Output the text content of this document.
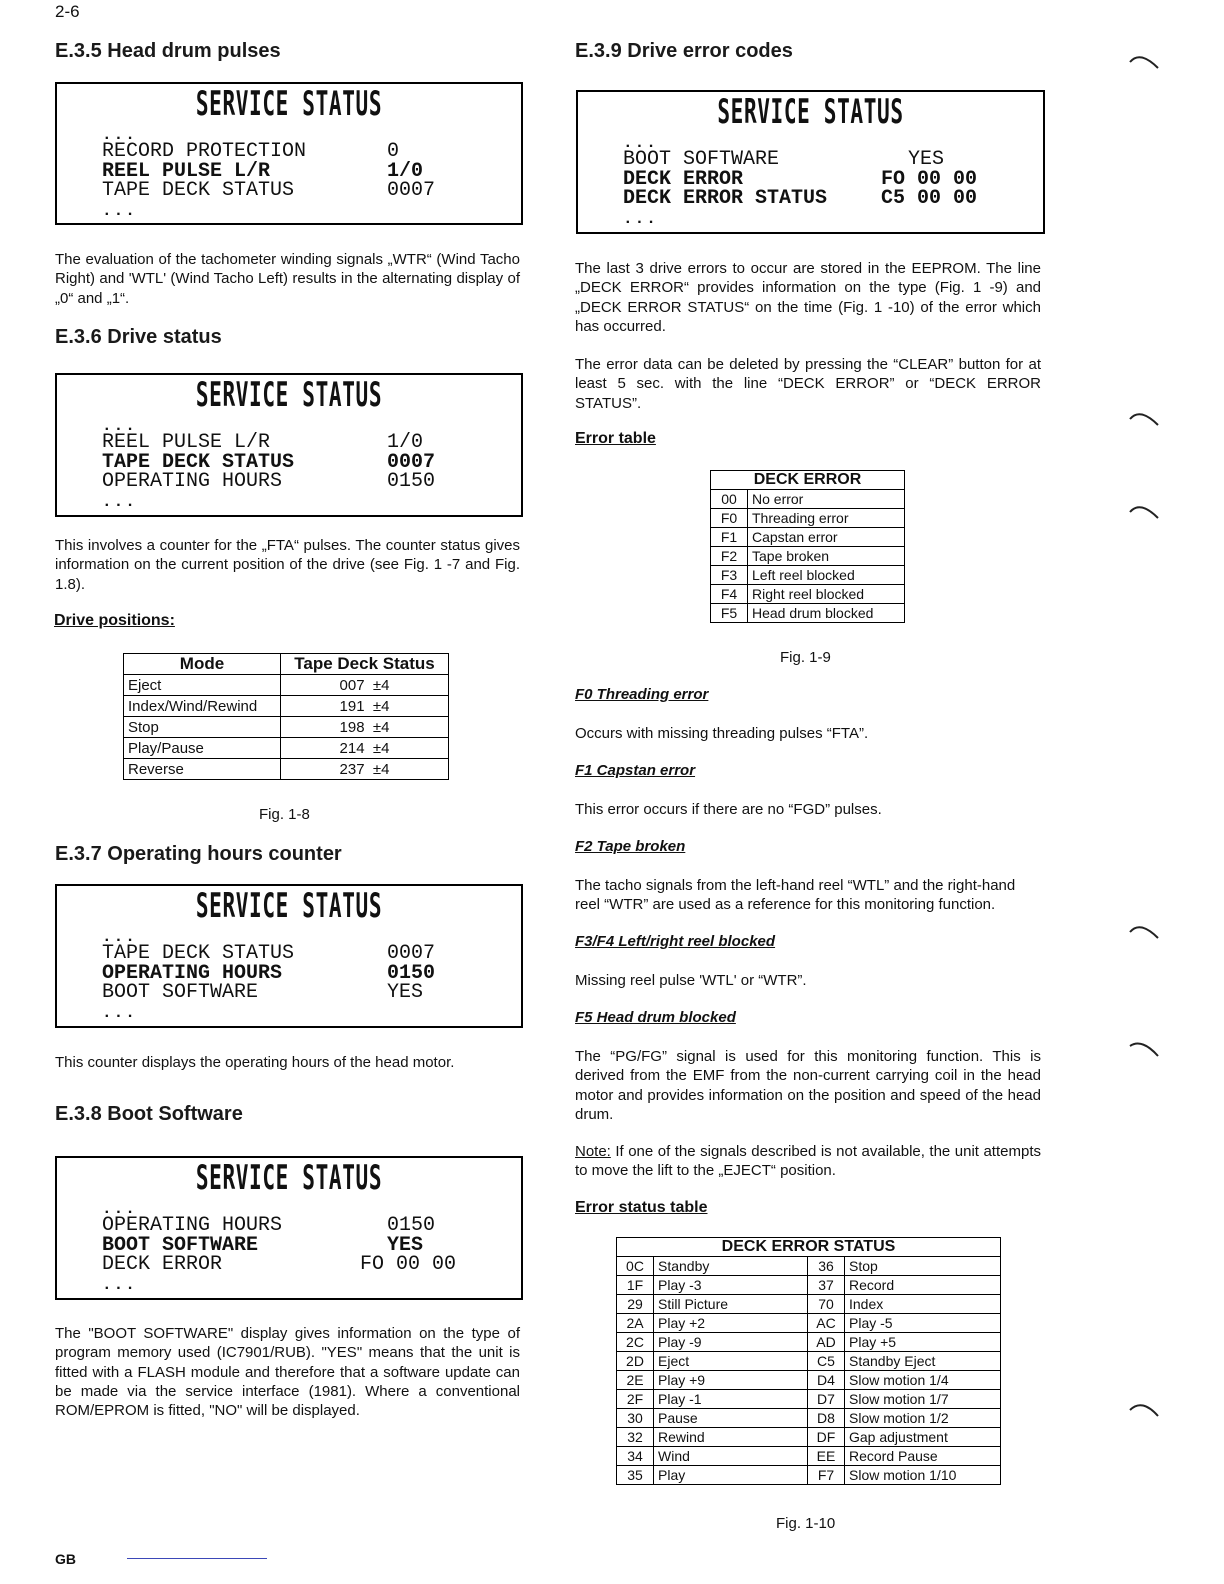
2-6
E.3.5 Head drum pulses
SERVICE STATUS
...
RECORD PROTECTION	0
REEL PULSE L/R	1/0
TAPE DECK STATUS	0007
...
The evaluation of the tachometer winding signals „WTR“ (Wind Tacho Right) and 'WTL' (Wind Tacho Left) results in the alternating display of „0“ and „1“.
E.3.6 Drive status
SERVICE STATUS
...
REEL PULSE L/R	1/0
TAPE DECK STATUS	0007
OPERATING HOURS	0150
...
This involves a counter for the „FTA“ pulses. The counter status gives information on the current position of the drive (see Fig. 1 -7 and Fig. 1.8).
Drive positions:
Mode	Tape Deck Status
Eject	007  ±4
Index/Wind/Rewind	191  ±4
Stop	198  ±4
Play/Pause	214  ±4
Reverse	237  ±4
Fig. 1-8
E.3.7 Operating hours counter
SERVICE STATUS
...
TAPE DECK STATUS	0007
OPERATING HOURS	0150
BOOT SOFTWARE	YES
...
This counter displays the operating hours of the head motor.
E.3.8 Boot Software
SERVICE STATUS
...
OPERATING HOURS	0150
BOOT SOFTWARE	YES
DECK ERROR	FO 00 00
...
The "BOOT SOFTWARE" display gives information on the type of program memory used (IC7901/RUB). "YES" means that the unit is fitted with a FLASH module and therefore that a software update can be made via the service interface (1981). Where a conventional ROM/EPROM is fitted, "NO" will be displayed.
E.3.9 Drive error codes
SERVICE STATUS
...
BOOT SOFTWARE	YES
DECK ERROR	FO 00 00
DECK ERROR STATUS	C5 00 00
...
The last 3 drive errors to occur are stored in the EEPROM. The line „DECK ERROR“ provides information on the type (Fig. 1 -9) and „DECK ERROR STATUS“ on the time (Fig. 1 -10) of the error which has occurred.
The error data can be deleted by pressing the “CLEAR” button for at least 5 sec. with the line “DECK ERROR” or “DECK ERROR STATUS”.
Error table
DECK ERROR	
00	No error
F0	Threading error
F1	Capstan error
F2	Tape broken
F3	Left reel blocked
F4	Right reel blocked
F5	Head drum blocked
Fig. 1-9
F0 Threading error
Occurs with missing threading pulses “FTA”.
F1 Capstan error
This error occurs if there are no “FGD” pulses.
F2 Tape broken
The tacho signals from the left-hand reel “WTL” and the right-hand reel “WTR” are used as a reference for this monitoring function.
F3/F4 Left/right reel blocked
Missing reel pulse 'WTL' or “WTR”.
F5 Head drum blocked
The “PG/FG” signal is used for this monitoring function. This is derived from the EMF from the non-current carrying coil in the head motor and provides information on the position and speed of the head drum.
Note: If one of the signals described is not available, the unit attempts to move the lift to the „EJECT“ position.
Error status table
DECK ERROR STATUS			
0C	Standby	36	Stop
1F	Play -3	37	Record
29	Still Picture	70	Index
2A	Play +2	AC	Play -5
2C	Play -9	AD	Play +5
2D	Eject	C5	Standby Eject
2E	Play +9	D4	Slow motion 1/4
2F	Play -1	D7	Slow motion 1/7
30	Pause	D8	Slow motion 1/2
32	Rewind	DF	Gap adjustment
34	Wind	EE	Record Pause
35	Play	F7	Slow motion 1/10
Fig. 1-10
GB
